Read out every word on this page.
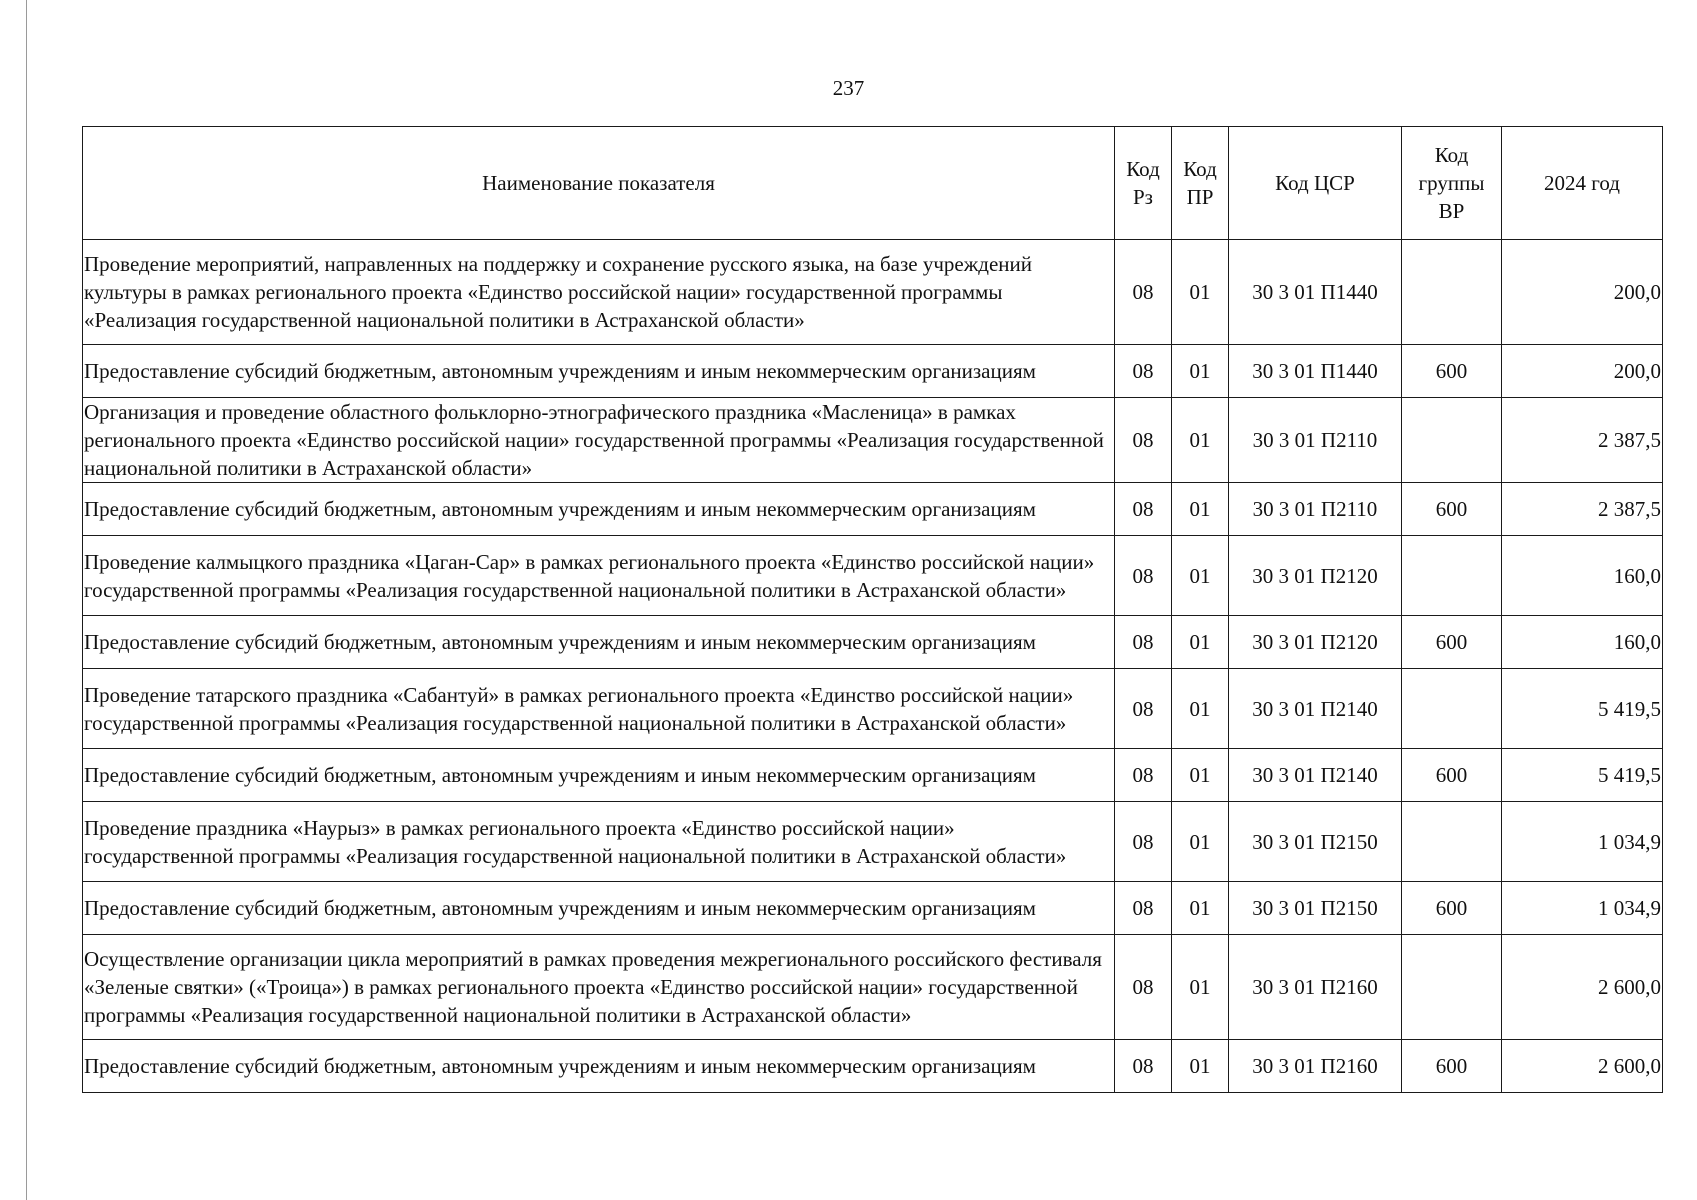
237
Наименование показателя	Код Рз	Код ПР	Код ЦСР	Код группы ВР	2024 год
Проведение мероприятий, направленных на поддержку и сохранение русского языка, на базе учреждений культуры в рамках регионального проекта «Единство российской нации» государственной программы «Реализация государственной национальной политики в Астраханской области»	08	01	30 3 01 П1440		200,0
Предоставление субсидий бюджетным, автономным учреждениям и иным некоммерческим организациям	08	01	30 3 01 П1440	600	200,0
Организация и проведение областного фольклорно-этнографического праздника «Масленица» в рамках регионального проекта «Единство российской нации» государственной программы «Реализация государственной национальной политики в Астраханской области»	08	01	30 3 01 П2110		2 387,5
Предоставление субсидий бюджетным, автономным учреждениям и иным некоммерческим организациям	08	01	30 3 01 П2110	600	2 387,5
Проведение калмыцкого праздника «Цаган-Сар» в рамках регионального проекта «Единство российской нации» государственной программы «Реализация государственной национальной политики в Астраханской области»	08	01	30 3 01 П2120		160,0
Предоставление субсидий бюджетным, автономным учреждениям и иным некоммерческим организациям	08	01	30 3 01 П2120	600	160,0
Проведение татарского праздника «Сабантуй» в рамках регионального проекта «Единство российской нации» государственной программы «Реализация государственной национальной политики в Астраханской области»	08	01	30 3 01 П2140		5 419,5
Предоставление субсидий бюджетным, автономным учреждениям и иным некоммерческим организациям	08	01	30 3 01 П2140	600	5 419,5
Проведение праздника «Наурыз» в рамках регионального проекта «Единство российской нации» государственной программы «Реализация государственной национальной политики в Астраханской области»	08	01	30 3 01 П2150		1 034,9
Предоставление субсидий бюджетным, автономным учреждениям и иным некоммерческим организациям	08	01	30 3 01 П2150	600	1 034,9
Осуществление организации цикла мероприятий в рамках проведения межрегионального российского фестиваля «Зеленые святки» («Троица») в рамках регионального проекта «Единство российской нации» государственной программы «Реализация государственной национальной политики в Астраханской области»	08	01	30 3 01 П2160		2 600,0
Предоставление субсидий бюджетным, автономным учреждениям и иным некоммерческим организациям	08	01	30 3 01 П2160	600	2 600,0
